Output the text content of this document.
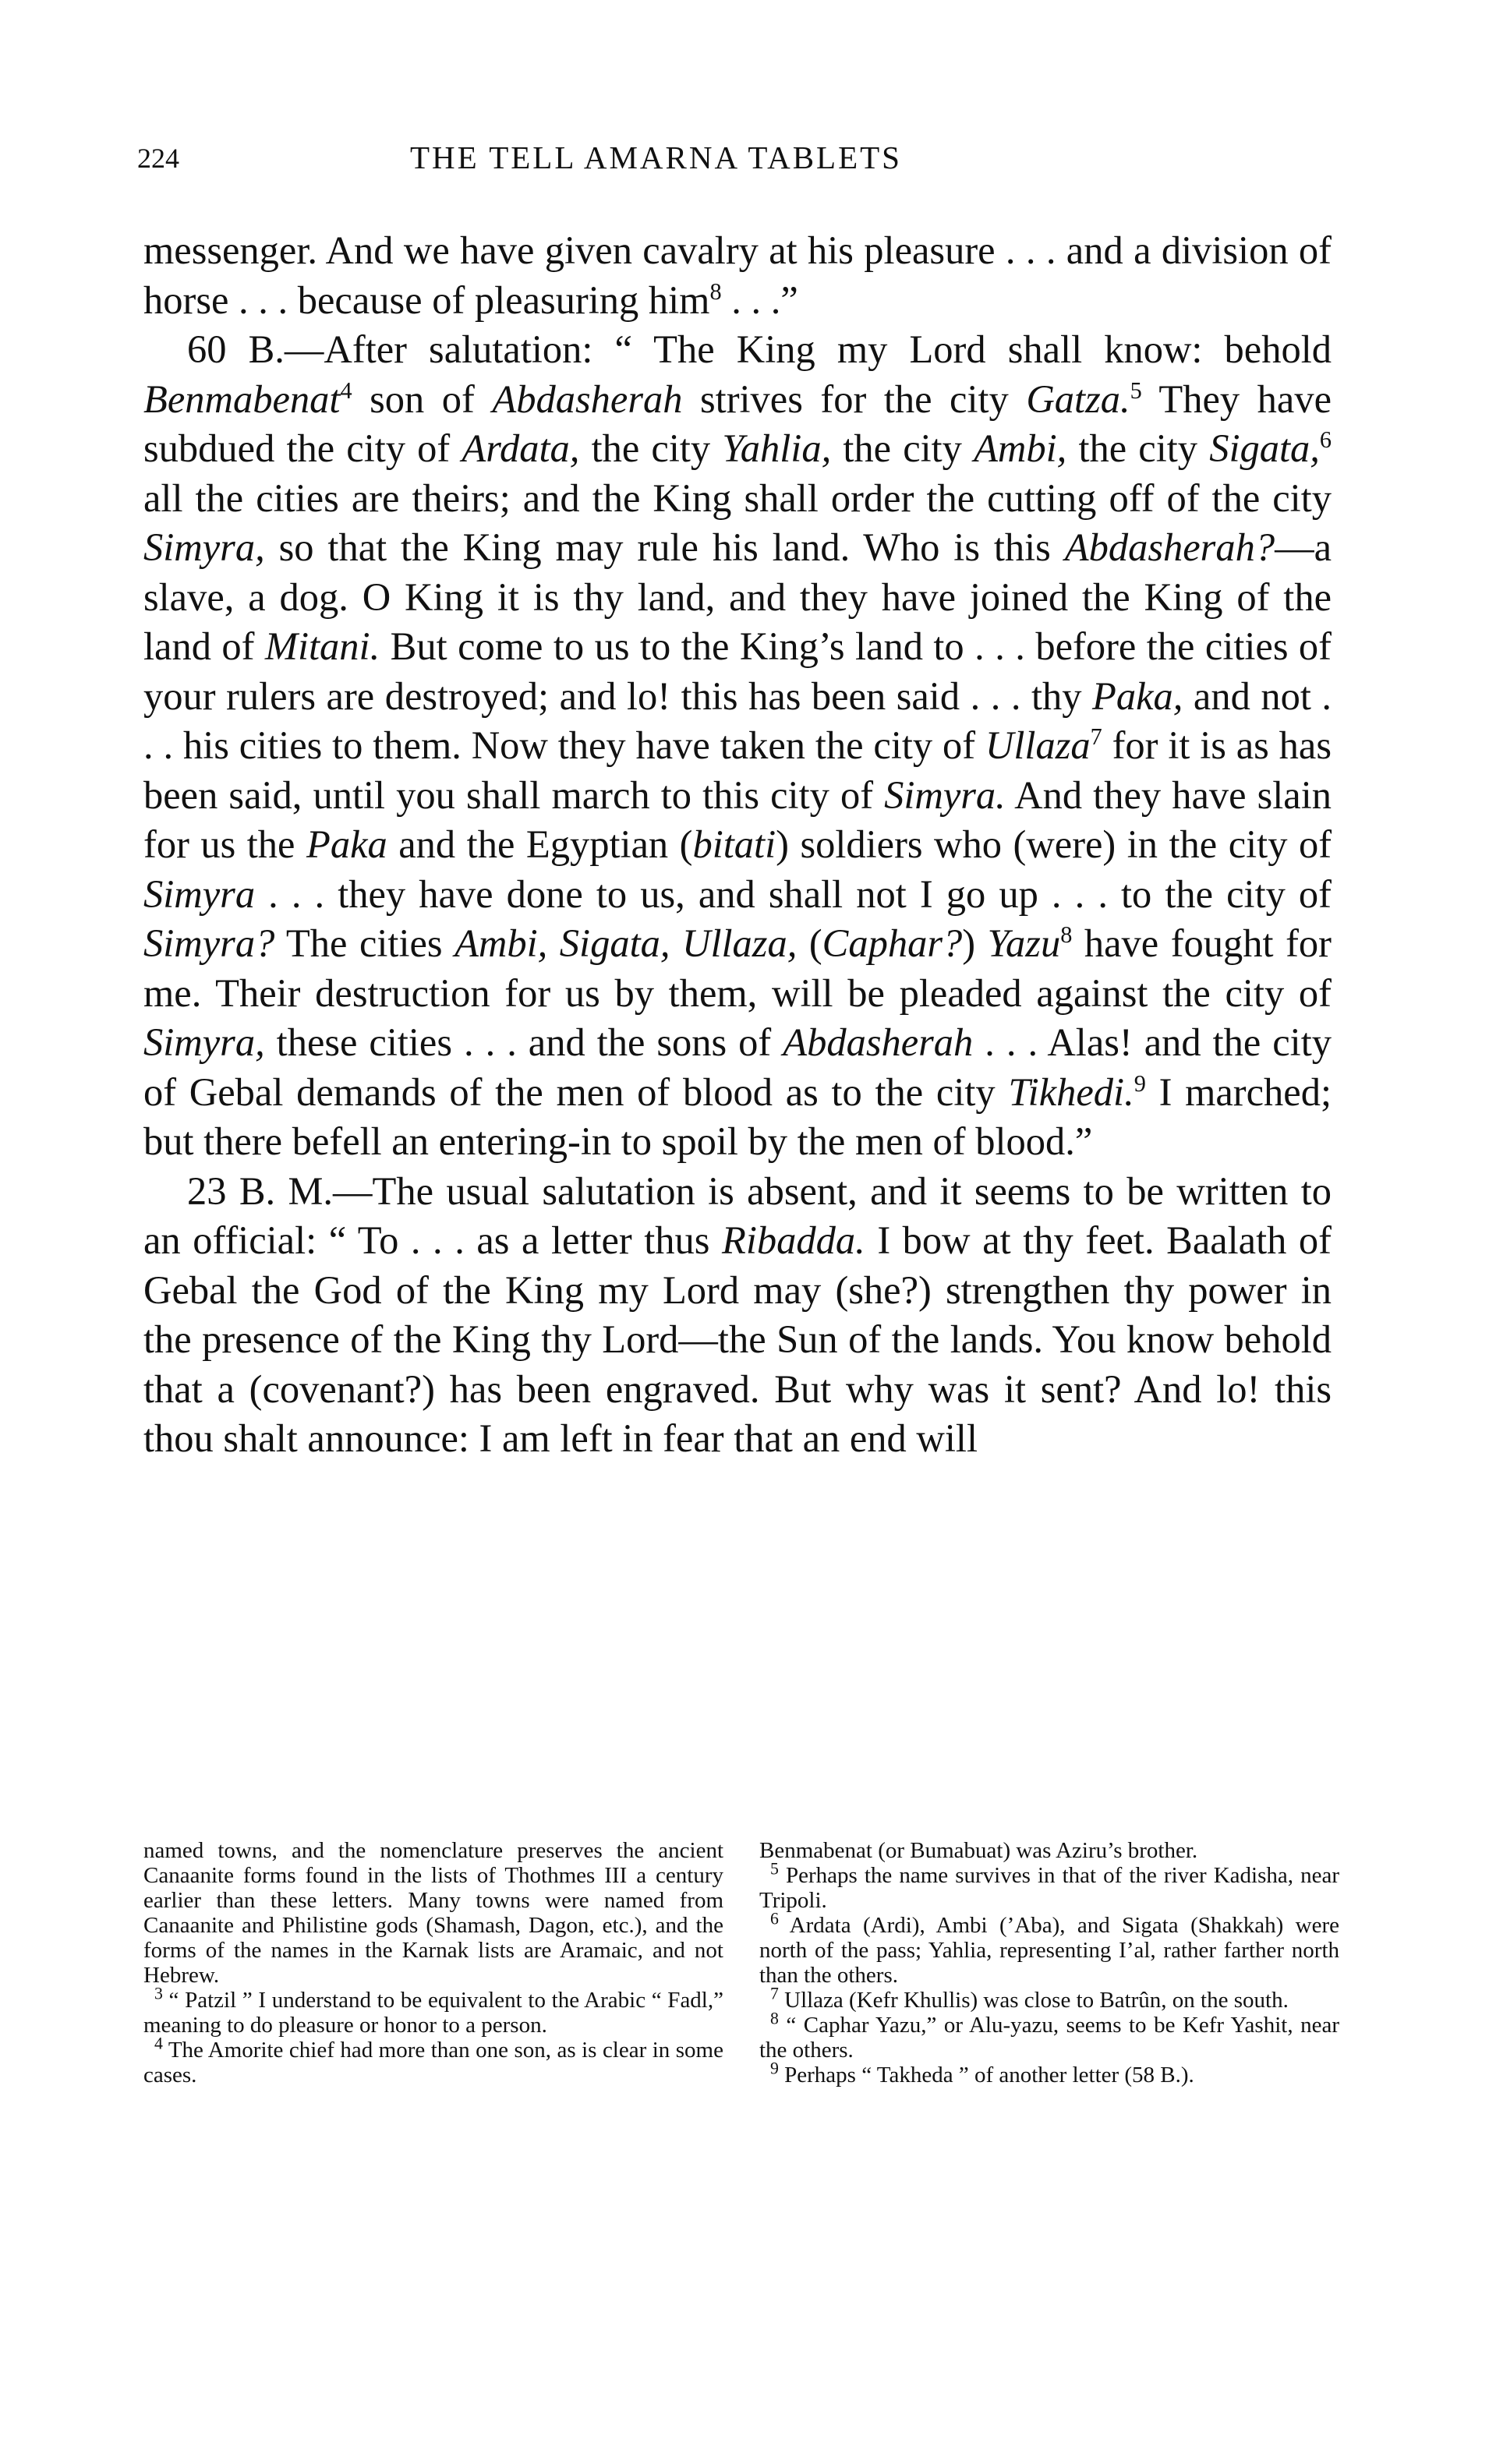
224	THE TELL AMARNA TABLETS

messenger. And we have given cavalry at his pleasure . . . and a division of horse . . . because of pleasuring him$^8$ . . .”

60 B.—After salutation: “ The King my Lord shall know: behold Benmabenat$^4$ son of Abdasherah strives for the city Gatza.$^5$ They have subdued the city of Ardata, the city Yahlia, the city Ambi, the city Sigata,$^6$ all the cities are theirs; and the King shall order the cutting off of the city Simyra, so that the King may rule his land. Who is this Abdasherah?—a slave, a dog. O King it is thy land, and they have joined the King of the land of Mitani. But come to us to the King’s land to . . . before the cities of your rulers are destroyed; and lo! this has been said . . . thy Paka, and not . . . his cities to them. Now they have taken the city of Ullaza$^7$ for it is as has been said, until you shall march to this city of Simyra. And they have slain for us the Paka and the Egyptian (bitati) soldiers who (were) in the city of Simyra . . . they have done to us, and shall not I go up . . . to the city of Simyra? The cities Ambi, Sigata, Ullaza, (Caphar?) Yazu$^8$ have fought for me. Their destruction for us by them, will be pleaded against the city of Simyra, these cities . . . and the sons of Abdasherah . . . Alas! and the city of Gebal demands of the men of blood as to the city Tikhedi.$^9$ I marched; but there befell an entering-in to spoil by the men of blood.”

23 B. M.—The usual salutation is absent, and it seems to be written to an official: “ To . . . as a letter thus Ribadda. I bow at thy feet. Baalath of Gebal the God of the King my Lord may (she?) strengthen thy power in the presence of the King thy Lord—the Sun of the lands. You know behold that a (covenant?) has been engraved. But why was it sent? And lo! this thou shalt announce: I am left in fear that an end will

named towns, and the nomenclature preserves the ancient Canaanite forms found in the lists of Thothmes III a century earlier than these letters. Many towns were named from Canaanite and Philistine gods (Shamash, Dagon, etc.), and the forms of the names in the Karnak lists are Aramaic, and not Hebrew.

$^3$ “ Patzil ” I understand to be equivalent to the Arabic “ Fadl,” meaning to do pleasure or honor to a person.

$^4$ The Amorite chief had more than one son, as is clear in some cases.

Benmabenat (or Bumabuat) was Aziru’s brother.

$^5$ Perhaps the name survives in that of the river Kadisha, near Tripoli.

$^6$ Ardata (Ardi), Ambi (’Aba), and Sigata (Shakkah) were north of the pass; Yahlia, representing I’al, rather farther north than the others.

$^7$ Ullaza (Kefr Khullis) was close to Batrûn, on the south.

$^8$ “ Caphar Yazu,” or Alu-yazu, seems to be Kefr Yashit, near the others.

$^9$ Perhaps “ Takheda ” of another letter (58 B.).
